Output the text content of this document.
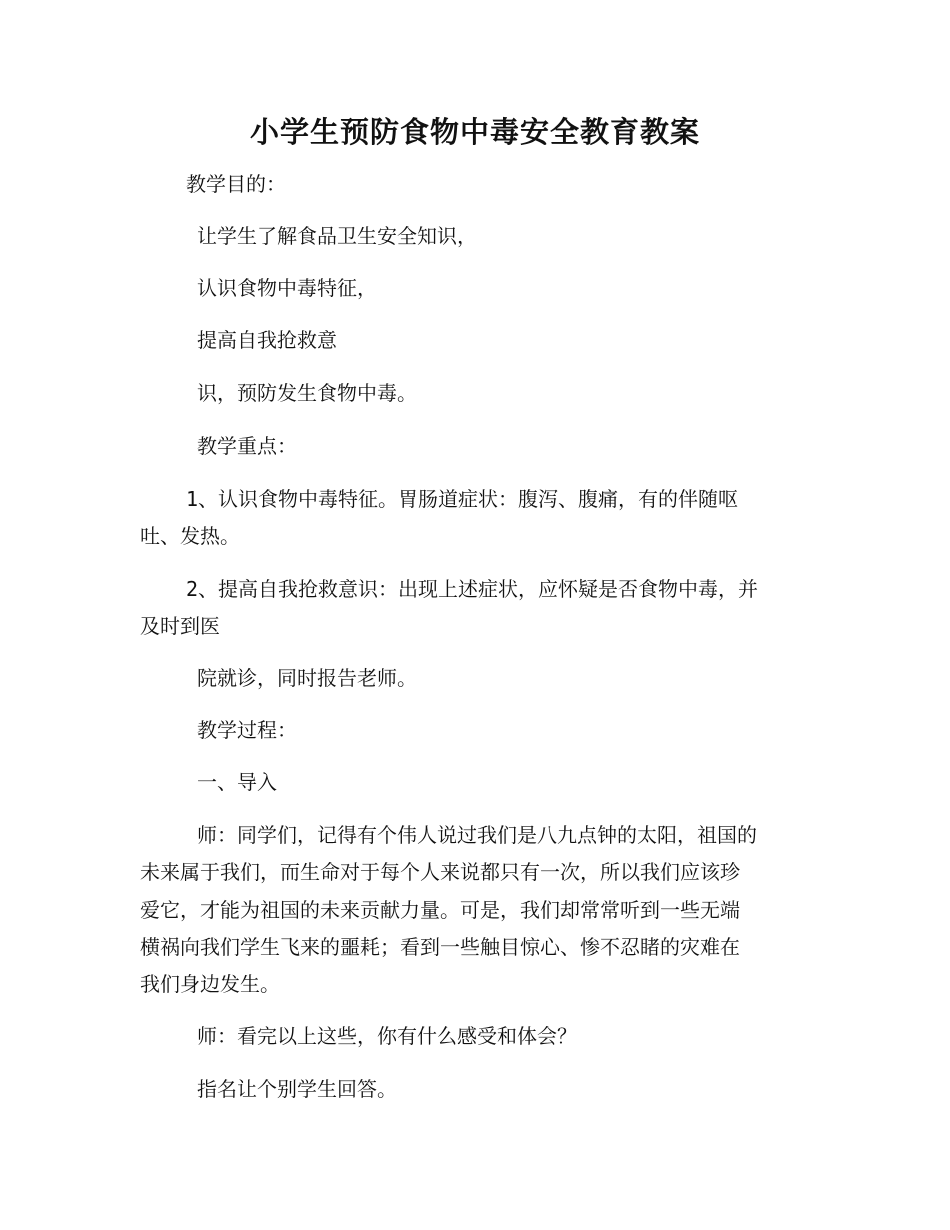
小学生预防食物中毒安全教育教案

教学目的：

让学生了解食品卫生安全知识，

认识食物中毒特征，

提高自我抢救意

识，预防发生食物中毒。

教学重点：

1、认识食物中毒特征。胃肠道症状：腹泻、腹痛，有的伴随呕

吐、发热。

2、提高自我抢救意识：出现上述症状，应怀疑是否食物中毒，并

及时到医

院就诊，同时报告老师。

教学过程：

一、导入

师：同学们，记得有个伟人说过我们是八九点钟的太阳，祖国的

未来属于我们，而生命对于每个人来说都只有一次，所以我们应该珍

爱它，才能为祖国的未来贡献力量。可是，我们却常常听到一些无端

横祸向我们学生飞来的噩耗；看到一些触目惊心、惨不忍睹的灾难在

我们身边发生。

师：看完以上这些，你有什么感受和体会？

指名让个别学生回答。
